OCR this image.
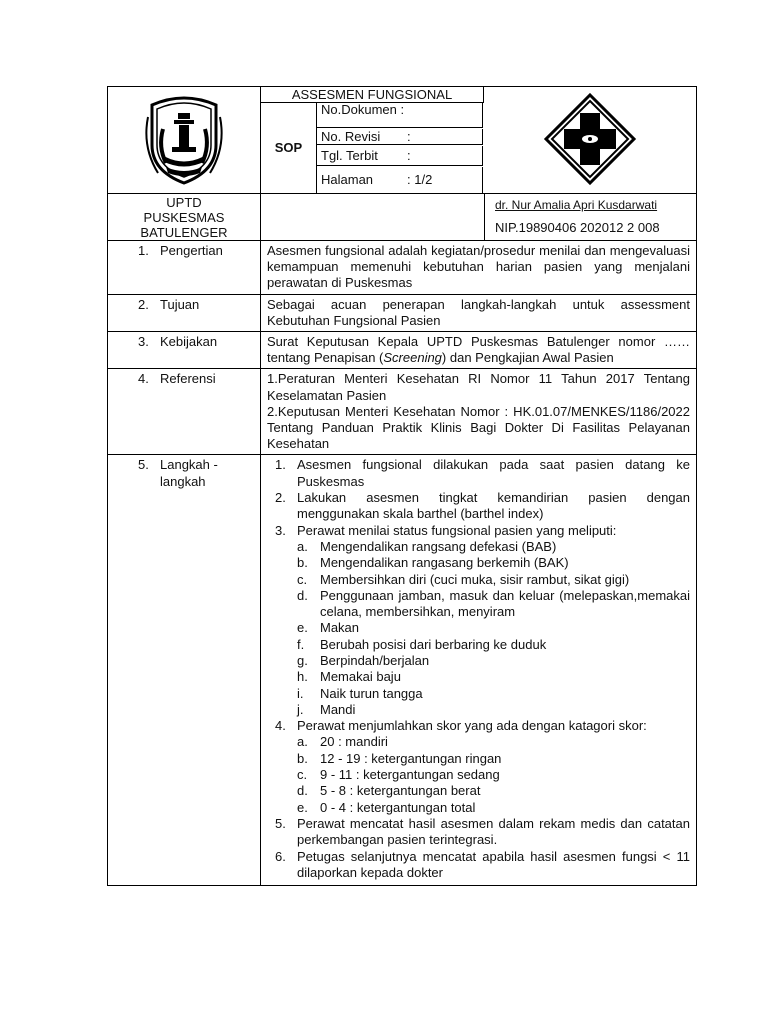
ASSESMEN FUNGSIONAL
SOP
No.Dokumen :
No. Revisi :
Tgl. Terbit :
Halaman	: 1/2
UPTD
PUSKESMAS
BATULENGER
dr. Nur Amalia Apri Kusdarwati
NIP.19890406 202012 2 008
1. Pengertian	Asesmen fungsional adalah kegiatan/prosedur menilai dan mengevaluasi kemampuan memenuhi kebutuhan harian pasien yang menjalani perawatan di Puskesmas
2. Tujuan	Sebagai acuan penerapan langkah-langkah untuk assessment Kebutuhan Fungsional Pasien
3. Kebijakan	Surat Keputusan Kepala UPTD Puskesmas Batulenger nomor …… tentang Penapisan (Screening) dan Pengkajian Awal Pasien
4. Referensi	1.Peraturan Menteri Kesehatan RI Nomor 11 Tahun 2017 Tentang Keselamatan Pasien
2.Keputusan Menteri Kesehatan Nomor : HK.01.07/MENKES/1186/2022 Tentang Panduan Praktik Klinis Bagi Dokter Di Fasilitas Pelayanan Kesehatan
5. Langkah -
langkah
1. Asesmen fungsional dilakukan pada saat pasien datang ke Puskesmas
2. Lakukan asesmen tingkat kemandirian pasien dengan menggunakan skala barthel (barthel index)
3. Perawat menilai status fungsional pasien yang meliputi:
a. Mengendalikan rangsang defekasi (BAB)
b. Mengendalikan rangasang berkemih (BAK)
c. Membersihkan diri (cuci muka, sisir rambut, sikat gigi)
d. Penggunaan jamban, masuk dan keluar (melepaskan,memakai celana, membersihkan, menyiram
e. Makan
f. Berubah posisi dari berbaring ke duduk
g. Berpindah/berjalan
h. Memakai baju
i. Naik turun tangga
j. Mandi
4. Perawat menjumlahkan skor yang ada dengan katagori skor:
a. 20 : mandiri
b. 12 - 19 : ketergantungan ringan
c. 9 - 11 : ketergantungan sedang
d. 5 - 8 : ketergantungan berat
e. 0 - 4 : ketergantungan total
5. Perawat mencatat hasil asesmen dalam rekam medis dan catatan perkembangan pasien terintegrasi.
6. Petugas selanjutnya mencatat apabila hasil asesmen fungsi < 11 dilaporkan kepada dokter
